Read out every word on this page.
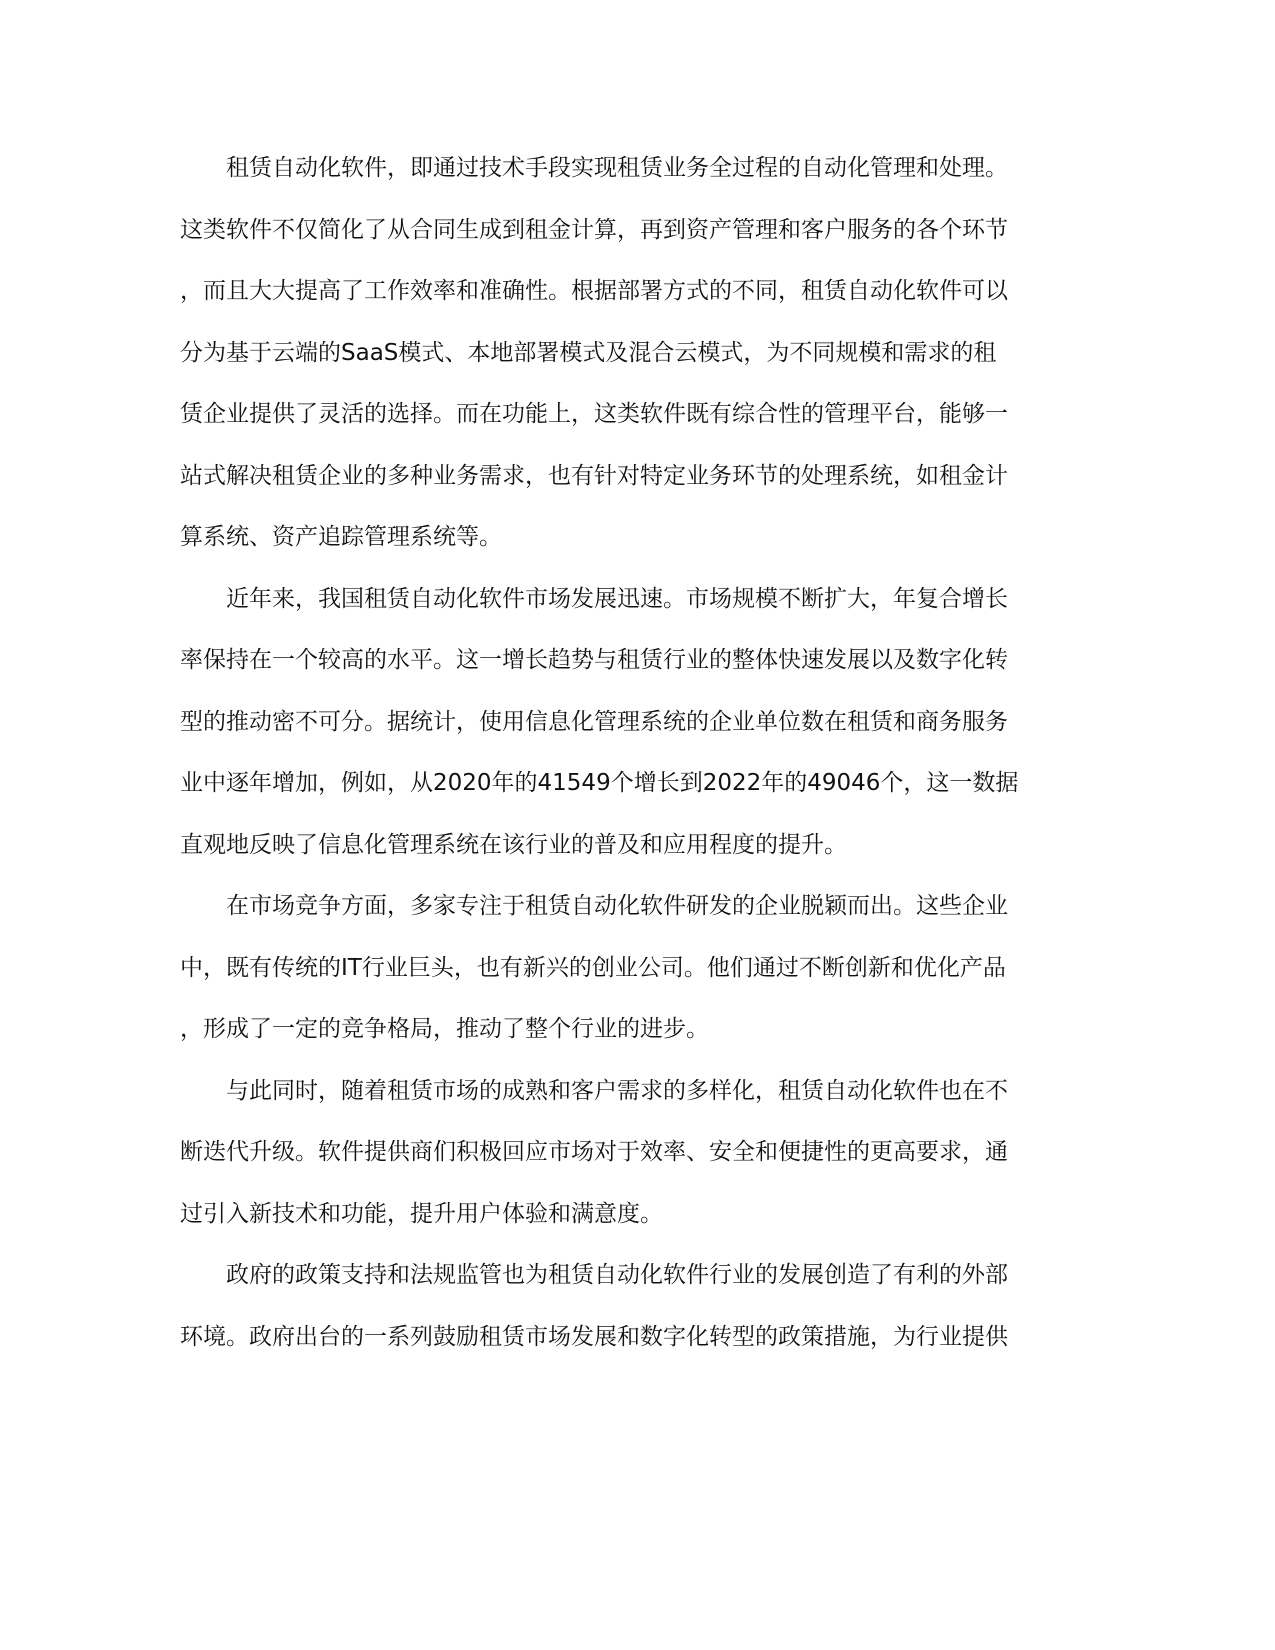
租赁自动化软件，即通过技术手段实现租赁业务全过程的自动化管理和处理。
这类软件不仅简化了从合同生成到租金计算，再到资产管理和客户服务的各个环节
，而且大大提高了工作效率和准确性。根据部署方式的不同，租赁自动化软件可以
分为基于云端的SaaS模式、本地部署模式及混合云模式，为不同规模和需求的租
赁企业提供了灵活的选择。而在功能上，这类软件既有综合性的管理平台，能够一
站式解决租赁企业的多种业务需求，也有针对特定业务环节的处理系统，如租金计
算系统、资产追踪管理系统等。

近年来，我国租赁自动化软件市场发展迅速。市场规模不断扩大，年复合增长
率保持在一个较高的水平。这一增长趋势与租赁行业的整体快速发展以及数字化转
型的推动密不可分。据统计，使用信息化管理系统的企业单位数在租赁和商务服务
业中逐年增加，例如，从2020年的41549个增长到2022年的49046个，这一数据
直观地反映了信息化管理系统在该行业的普及和应用程度的提升。

在市场竞争方面，多家专注于租赁自动化软件研发的企业脱颖而出。这些企业
中，既有传统的IT行业巨头，也有新兴的创业公司。他们通过不断创新和优化产品
，形成了一定的竞争格局，推动了整个行业的进步。

与此同时，随着租赁市场的成熟和客户需求的多样化，租赁自动化软件也在不
断迭代升级。软件提供商们积极回应市场对于效率、安全和便捷性的更高要求，通
过引入新技术和功能，提升用户体验和满意度。

政府的政策支持和法规监管也为租赁自动化软件行业的发展创造了有利的外部
环境。政府出台的一系列鼓励租赁市场发展和数字化转型的政策措施，为行业提供
